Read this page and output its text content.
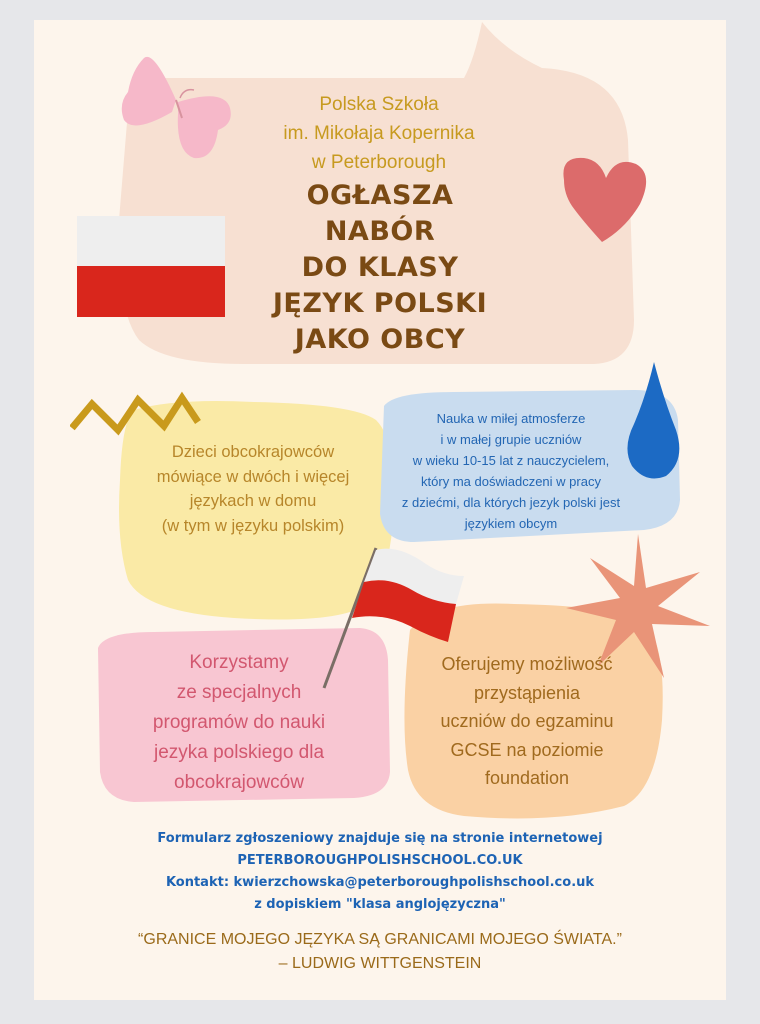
Polska Szkoła
im. Mikołaja Kopernika
w Peterborough
OGŁASZA
NABÓR
DO KLASY
JĘZYK POLSKI
JAKO OBCY
Dzieci obcokrajowców
mówiące w dwóch i więcej
językach w domu
(w tym w języku polskim)
Nauka w miłej atmosferze
i w małej grupie uczniów
w wieku 10-15 lat z nauczycielem,
który ma doświadczeni w pracy
z dziećmi, dla których jezyk polski jest
językiem obcym
Korzystamy
ze specjalnych
programów do nauki
jezyka polskiego dla
obcokrajowców
Oferujemy możliwość
przystąpienia
uczniów do egzaminu
GCSE na poziomie
foundation
Formularz zgłoszeniowy znajduje się na stronie internetowej
PETERBOROUGHPOLISHSCHOOL.CO.UK
Kontakt: kwierzchowska@peterboroughpolishschool.co.uk
z dopiskiem "klasa anglojęzyczna"
“GRANICE MOJEGO JĘZYKA SĄ GRANICAMI MOJEGO ŚWIATA.”
– LUDWIG WITTGENSTEIN
